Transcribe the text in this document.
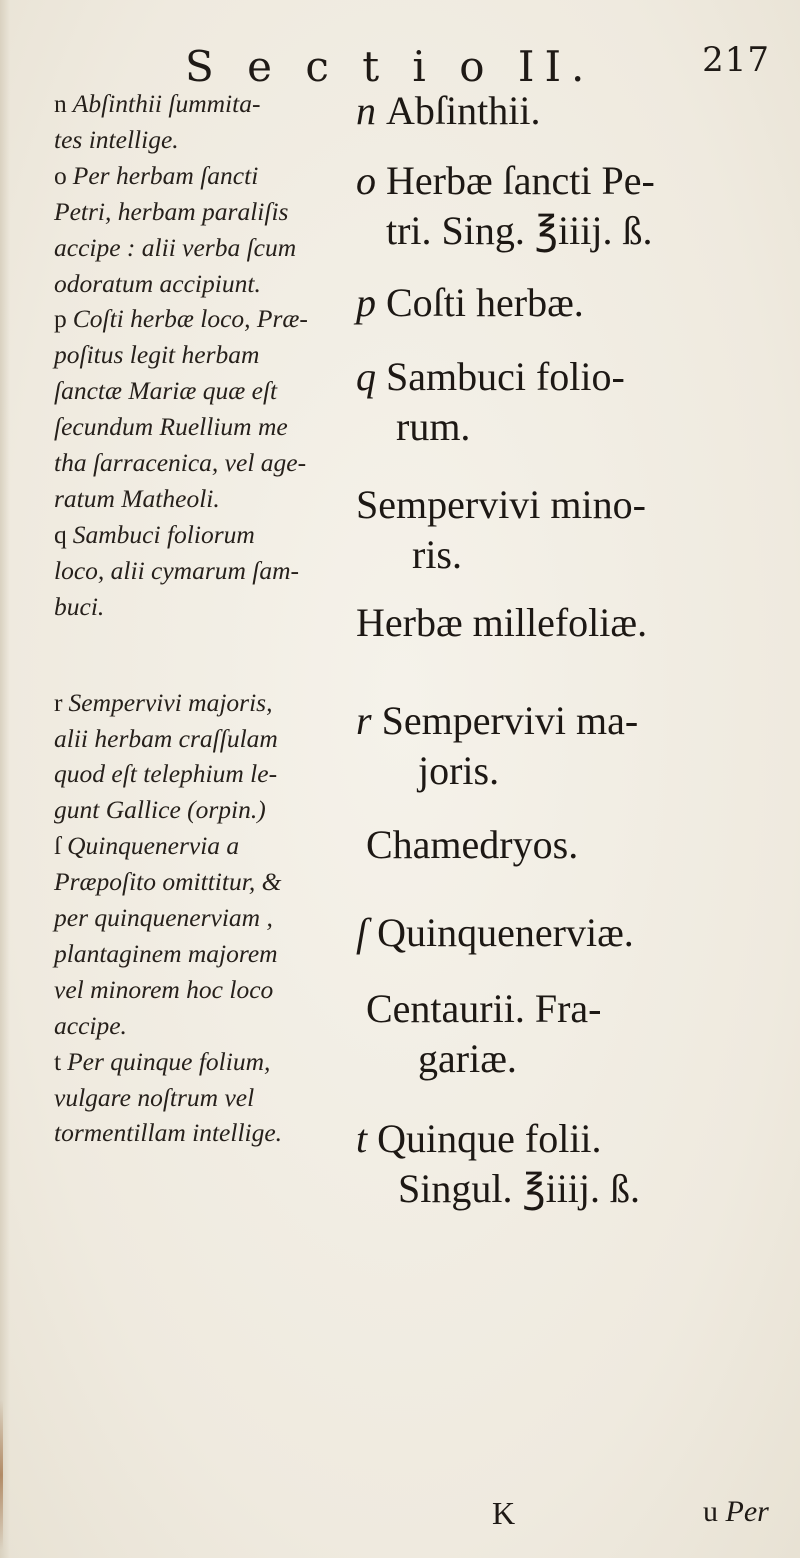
S e c t i o II.	217
n Abſinthii ſummita-
tes intellige.
o Per herbam ſancti
Petri, herbam paraliſis
accipe : alii verba ſcum
odoratum accipiunt.
p Coſti herbæ loco, Præ-
poſitus legit herbam
ſanctæ Mariæ quæ eſt
ſecundum Ruellium me
tha ſarracenica, vel age-
ratum Matheoli.
q Sambuci foliorum
loco, alii cymarum ſam-
buci.
r Sempervivi majoris,
alii herbam craſſulam
quod eſt telephium le-
gunt Gallice (orpin.)
ſ Quinquenervia a
Præpoſito omittitur, &
per quinquenerviam ,
plantaginem majorem
vel minorem hoc loco
accipe.
t Per quinque folium,
vulgare noſtrum vel
tormentillam intellige.
n Abſinthii.
o Herbæ ſancti Pe-
tri. Sing. ℥iiij. ß.
p Coſti herbæ.
q Sambuci folio-
rum.
Sempervivi mino-
ris.
Herbæ millefoliæ.
r Sempervivi ma-
joris.
Chamedryos.
ſ Quinquenerviæ.
Centaurii. Fra-
gariæ.
t Quinque folii.
Singul. ℥iiij. ß.
K	u Per
